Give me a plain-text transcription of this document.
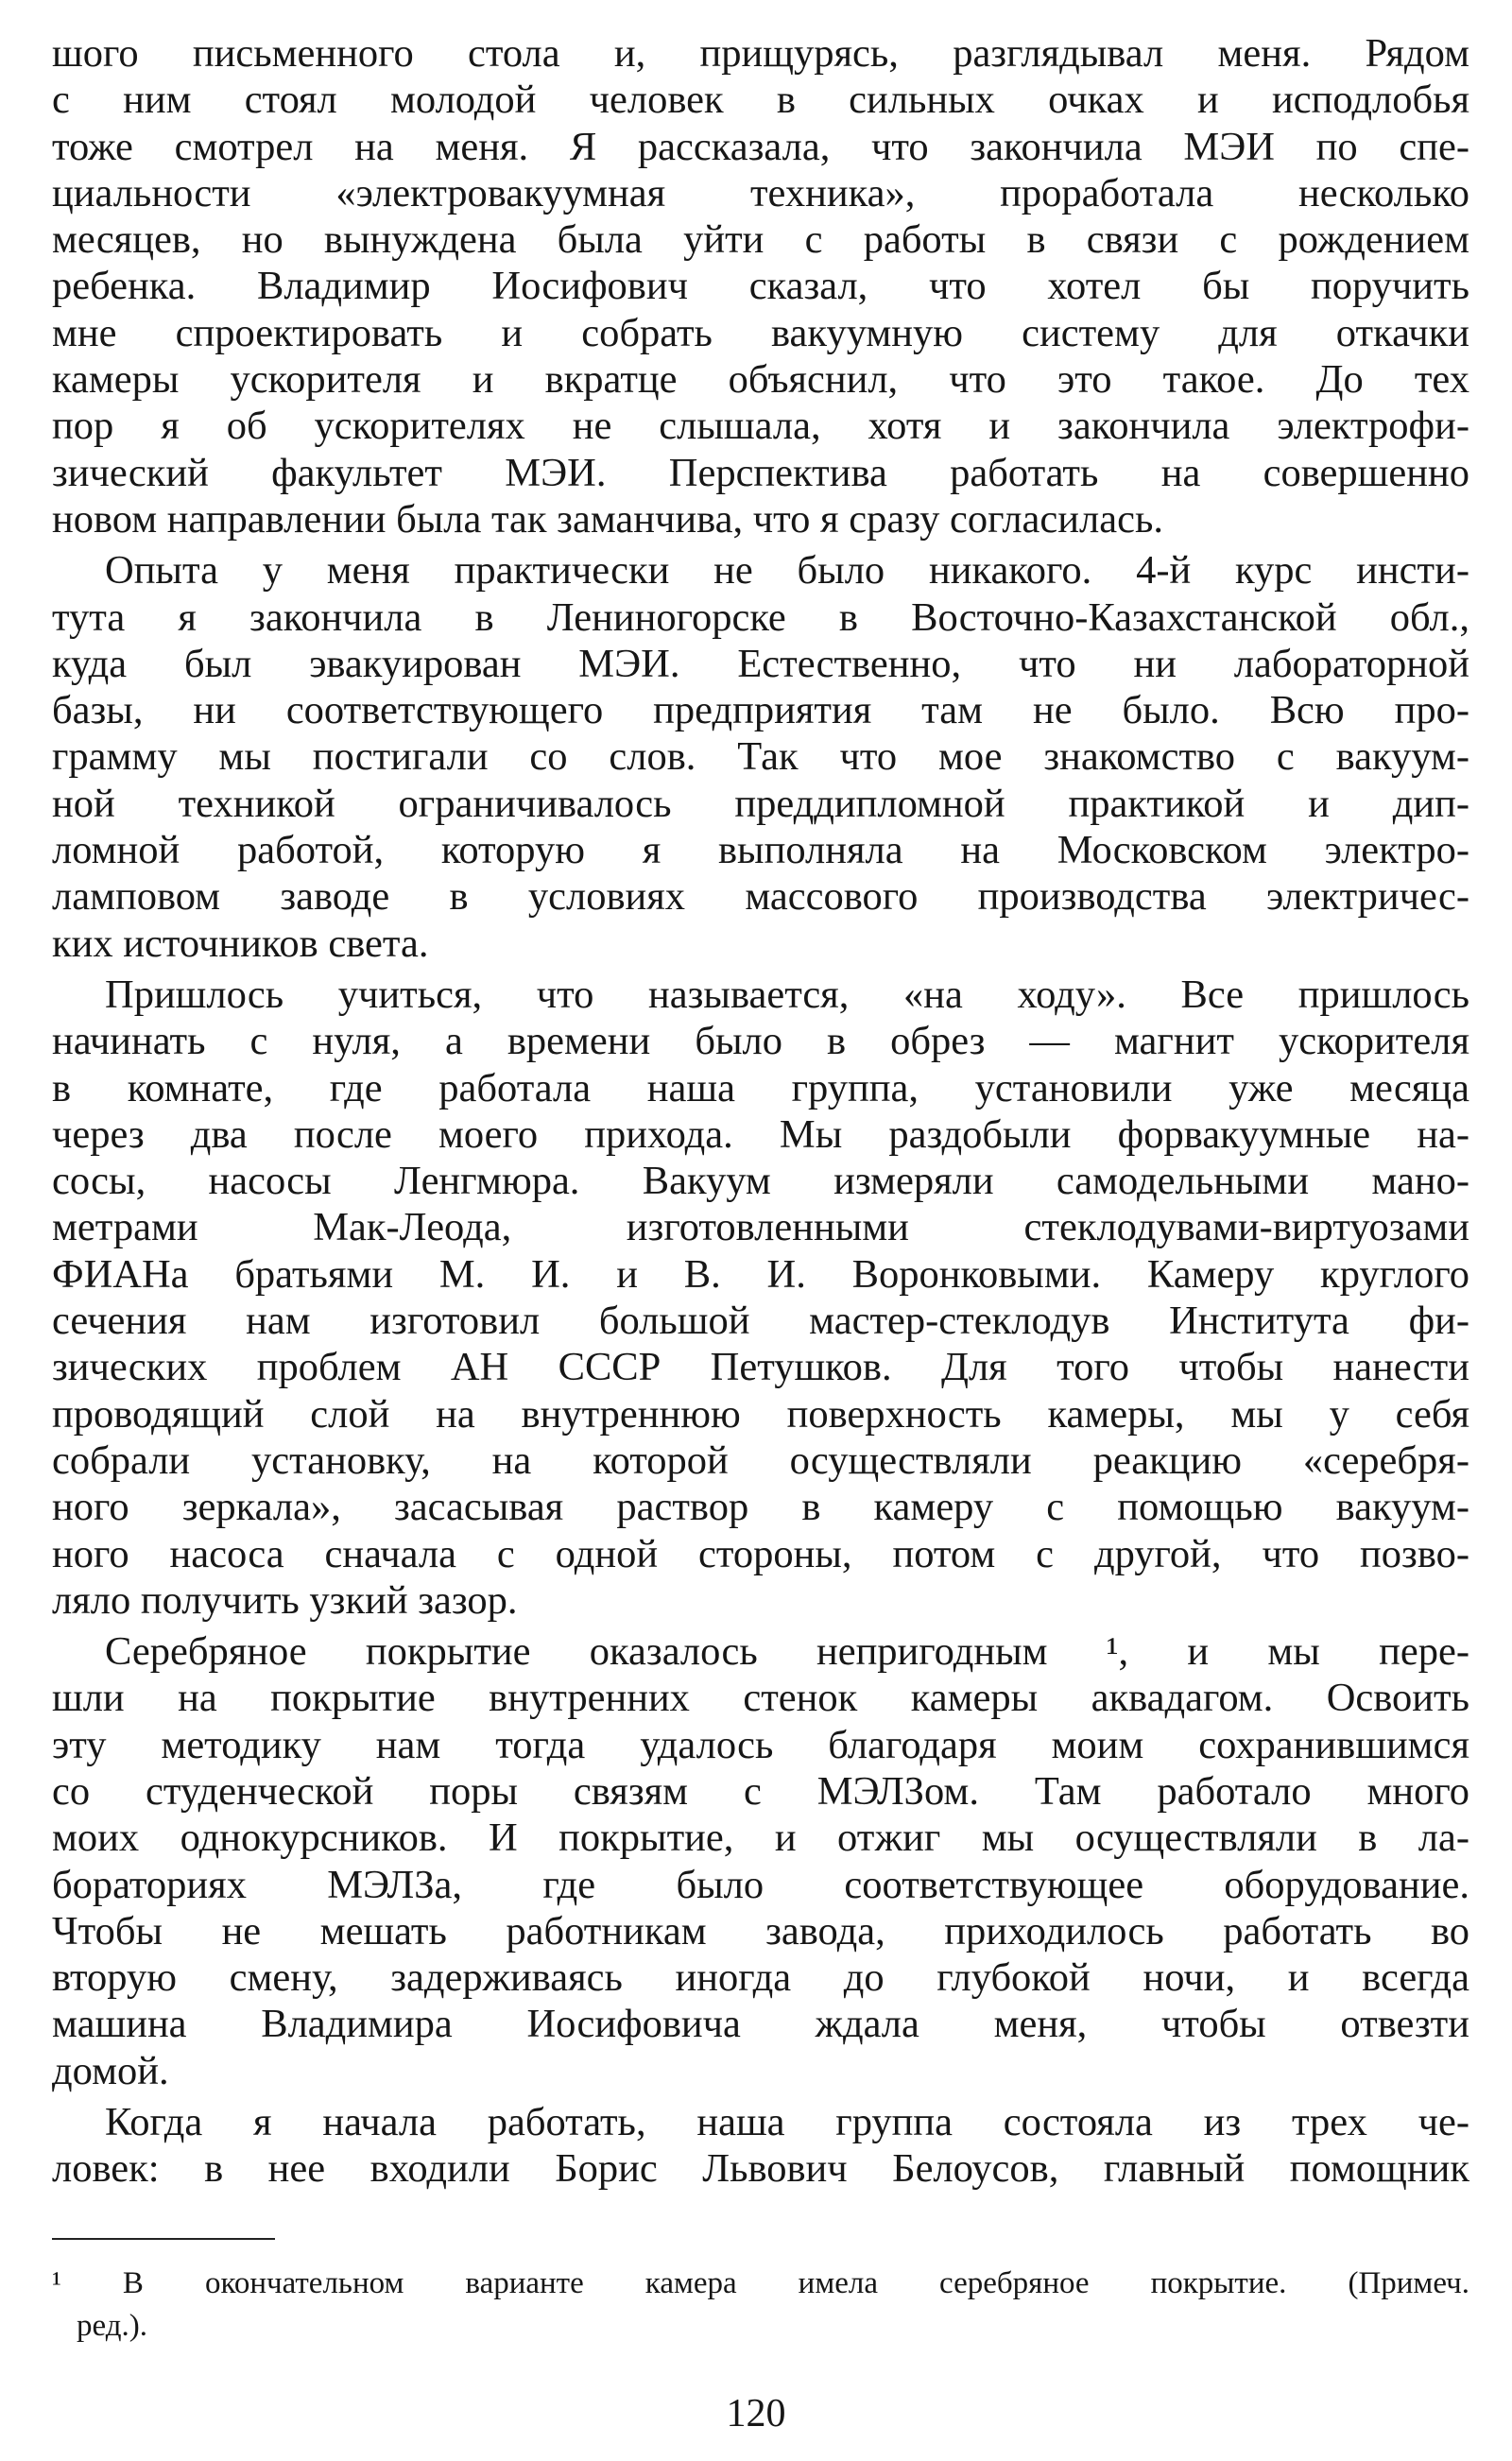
шого письменного стола и, прищурясь, разглядывал меня. Рядом
с ним стоял молодой человек в сильных очках и исподлобья
тоже смотрел на меня. Я рассказала, что закончила МЭИ по спе-
циальности «электровакуумная техника», проработала несколько
месяцев, но вынуждена была уйти с работы в связи с рождением
ребенка. Владимир Иосифович сказал, что хотел бы поручить
мне спроектировать и собрать вакуумную систему для откачки
камеры ускорителя и вкратце объяснил, что это такое. До тех
пор я об ускорителях не слышала, хотя и закончила электрофи-
зический факультет МЭИ. Перспектива работать на совершенно
новом направлении была так заманчива, что я сразу согласилась.
Опыта у меня практически не было никакого. 4-й курс инсти-
тута я закончила в Лениногорске в Восточно-Казахстанской обл.,
куда был эвакуирован МЭИ. Естественно, что ни лабораторной
базы, ни соответствующего предприятия там не было. Всю про-
грамму мы постигали со слов. Так что мое знакомство с вакуум-
ной техникой ограничивалось преддипломной практикой и дип-
ломной работой, которую я выполняла на Московском электро-
ламповом заводе в условиях массового производства электричес-
ких источников света.
Пришлось учиться, что называется, «на ходу». Все пришлось
начинать с нуля, а времени было в обрез — магнит ускорителя
в комнате, где работала наша группа, установили уже месяца
через два после моего прихода. Мы раздобыли форвакуумные на-
сосы, насосы Ленгмюра. Вакуум измеряли самодельными мано-
метрами Мак-Леода, изготовленными стеклодувами-виртуозами
ФИАНа братьями М. И. и В. И. Воронковыми. Камеру круглого
сечения нам изготовил большой мастер-стеклодув Института фи-
зических проблем АН СССР Петушков. Для того чтобы нанести
проводящий слой на внутреннюю поверхность камеры, мы у себя
собрали установку, на которой осуществляли реакцию «серебря-
ного зеркала», засасывая раствор в камеру с помощью вакуум-
ного насоса сначала с одной стороны, потом с другой, что позво-
ляло получить узкий зазор.
Серебряное покрытие оказалось непригодным ¹, и мы пере-
шли на покрытие внутренних стенок камеры аквадагом. Освоить
эту методику нам тогда удалось благодаря моим сохранившимся
со студенческой поры связям с МЭЛЗом. Там работало много
моих однокурсников. И покрытие, и отжиг мы осуществляли в ла-
бораториях МЭЛЗа, где было соответствующее оборудование.
Чтобы не мешать работникам завода, приходилось работать во
вторую смену, задерживаясь иногда до глубокой ночи, и всегда
машина Владимира Иосифовича ждала меня, чтобы отвезти
домой.
Когда я начала работать, наша группа состояла из трех че-
ловек: в нее входили Борис Львович Белоусов, главный помощник
¹ В окончательном варианте камера имела серебряное покрытие. (Примеч.
ред.).
120
